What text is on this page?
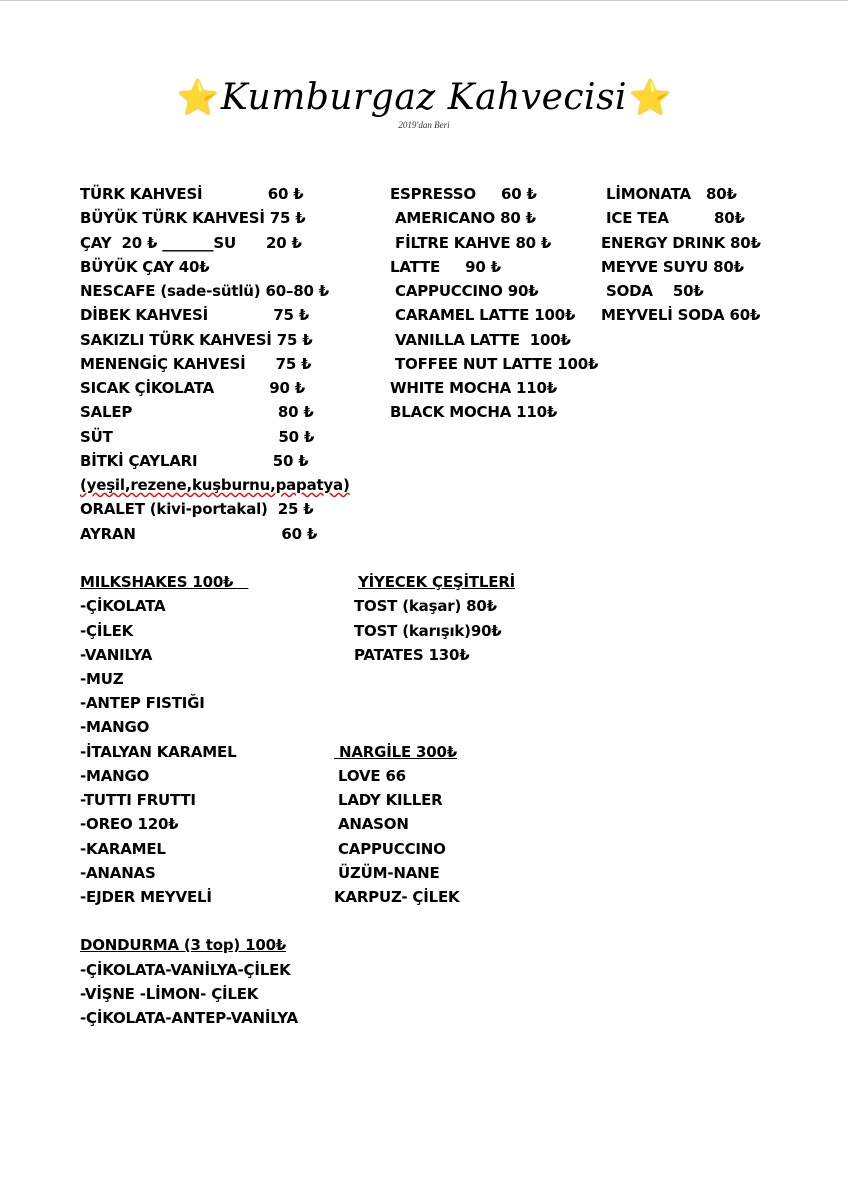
⭐ Kumburgaz Kahvecisi ⭐
2019'dan Beri
TÜRK KAHVESİ             60 ₺
BÜYÜK TÜRK KAHVESİ 75 ₺
ÇAY  20 ₺ _______SU      20 ₺
BÜYÜK ÇAY 40₺
NESCAFE (sade-sütlü) 60–80 ₺
DİBEK KAHVESİ             75 ₺
SAKIZLI TÜRK KAHVESİ 75 ₺
MENENGİÇ KAHVESİ      75 ₺
SICAK ÇİKOLATA           90 ₺
SALEP                             80 ₺
SÜT                                 50 ₺
BİTKİ ÇAYLARI               50 ₺
(yeşil,rezene,kuşburnu,papatya)
ORALET (kivi-portakal)  25 ₺
AYRAN                             60 ₺
ESPRESSO     60 ₺
AMERICANO 80 ₺
FİLTRE KAHVE 80 ₺
LATTE     90 ₺
CAPPUCCINO 90₺
CARAMEL LATTE 100₺
VANILLA LATTE  100₺
TOFFEE NUT LATTE 100₺
WHITE MOCHA 110₺
BLACK MOCHA 110₺
LİMONATA   80₺
ICE TEA         80₺
ENERGY DRINK 80₺
MEYVE SUYU 80₺
SODA    50₺
MEYVELİ SODA 60₺
MILKSHAKES 100₺
-ÇİKOLATA
-ÇİLEK
-VANILYA
-MUZ
-ANTEP FISTIĞI
-MANGO
-İTALYAN KARAMEL
-MANGO
-TUTTI FRUTTI
-OREO 120₺
-KARAMEL
-ANANAS
-EJDER MEYVELİ
YİYECEK ÇEŞİTLERİ
TOST (kaşar) 80₺
TOST (karışık)90₺
PATATES 130₺
NARGİLE 300₺
LOVE 66
LADY KILLER
ANASON
CAPPUCCINO
ÜZÜM-NANE
KARPUZ- ÇİLEK
DONDURMA (3 top) 100₺
-ÇİKOLATA-VANİLYA-ÇİLEK
-VİŞNE -LİMON- ÇİLEK
-ÇİKOLATA-ANTEP-VANİLYA
